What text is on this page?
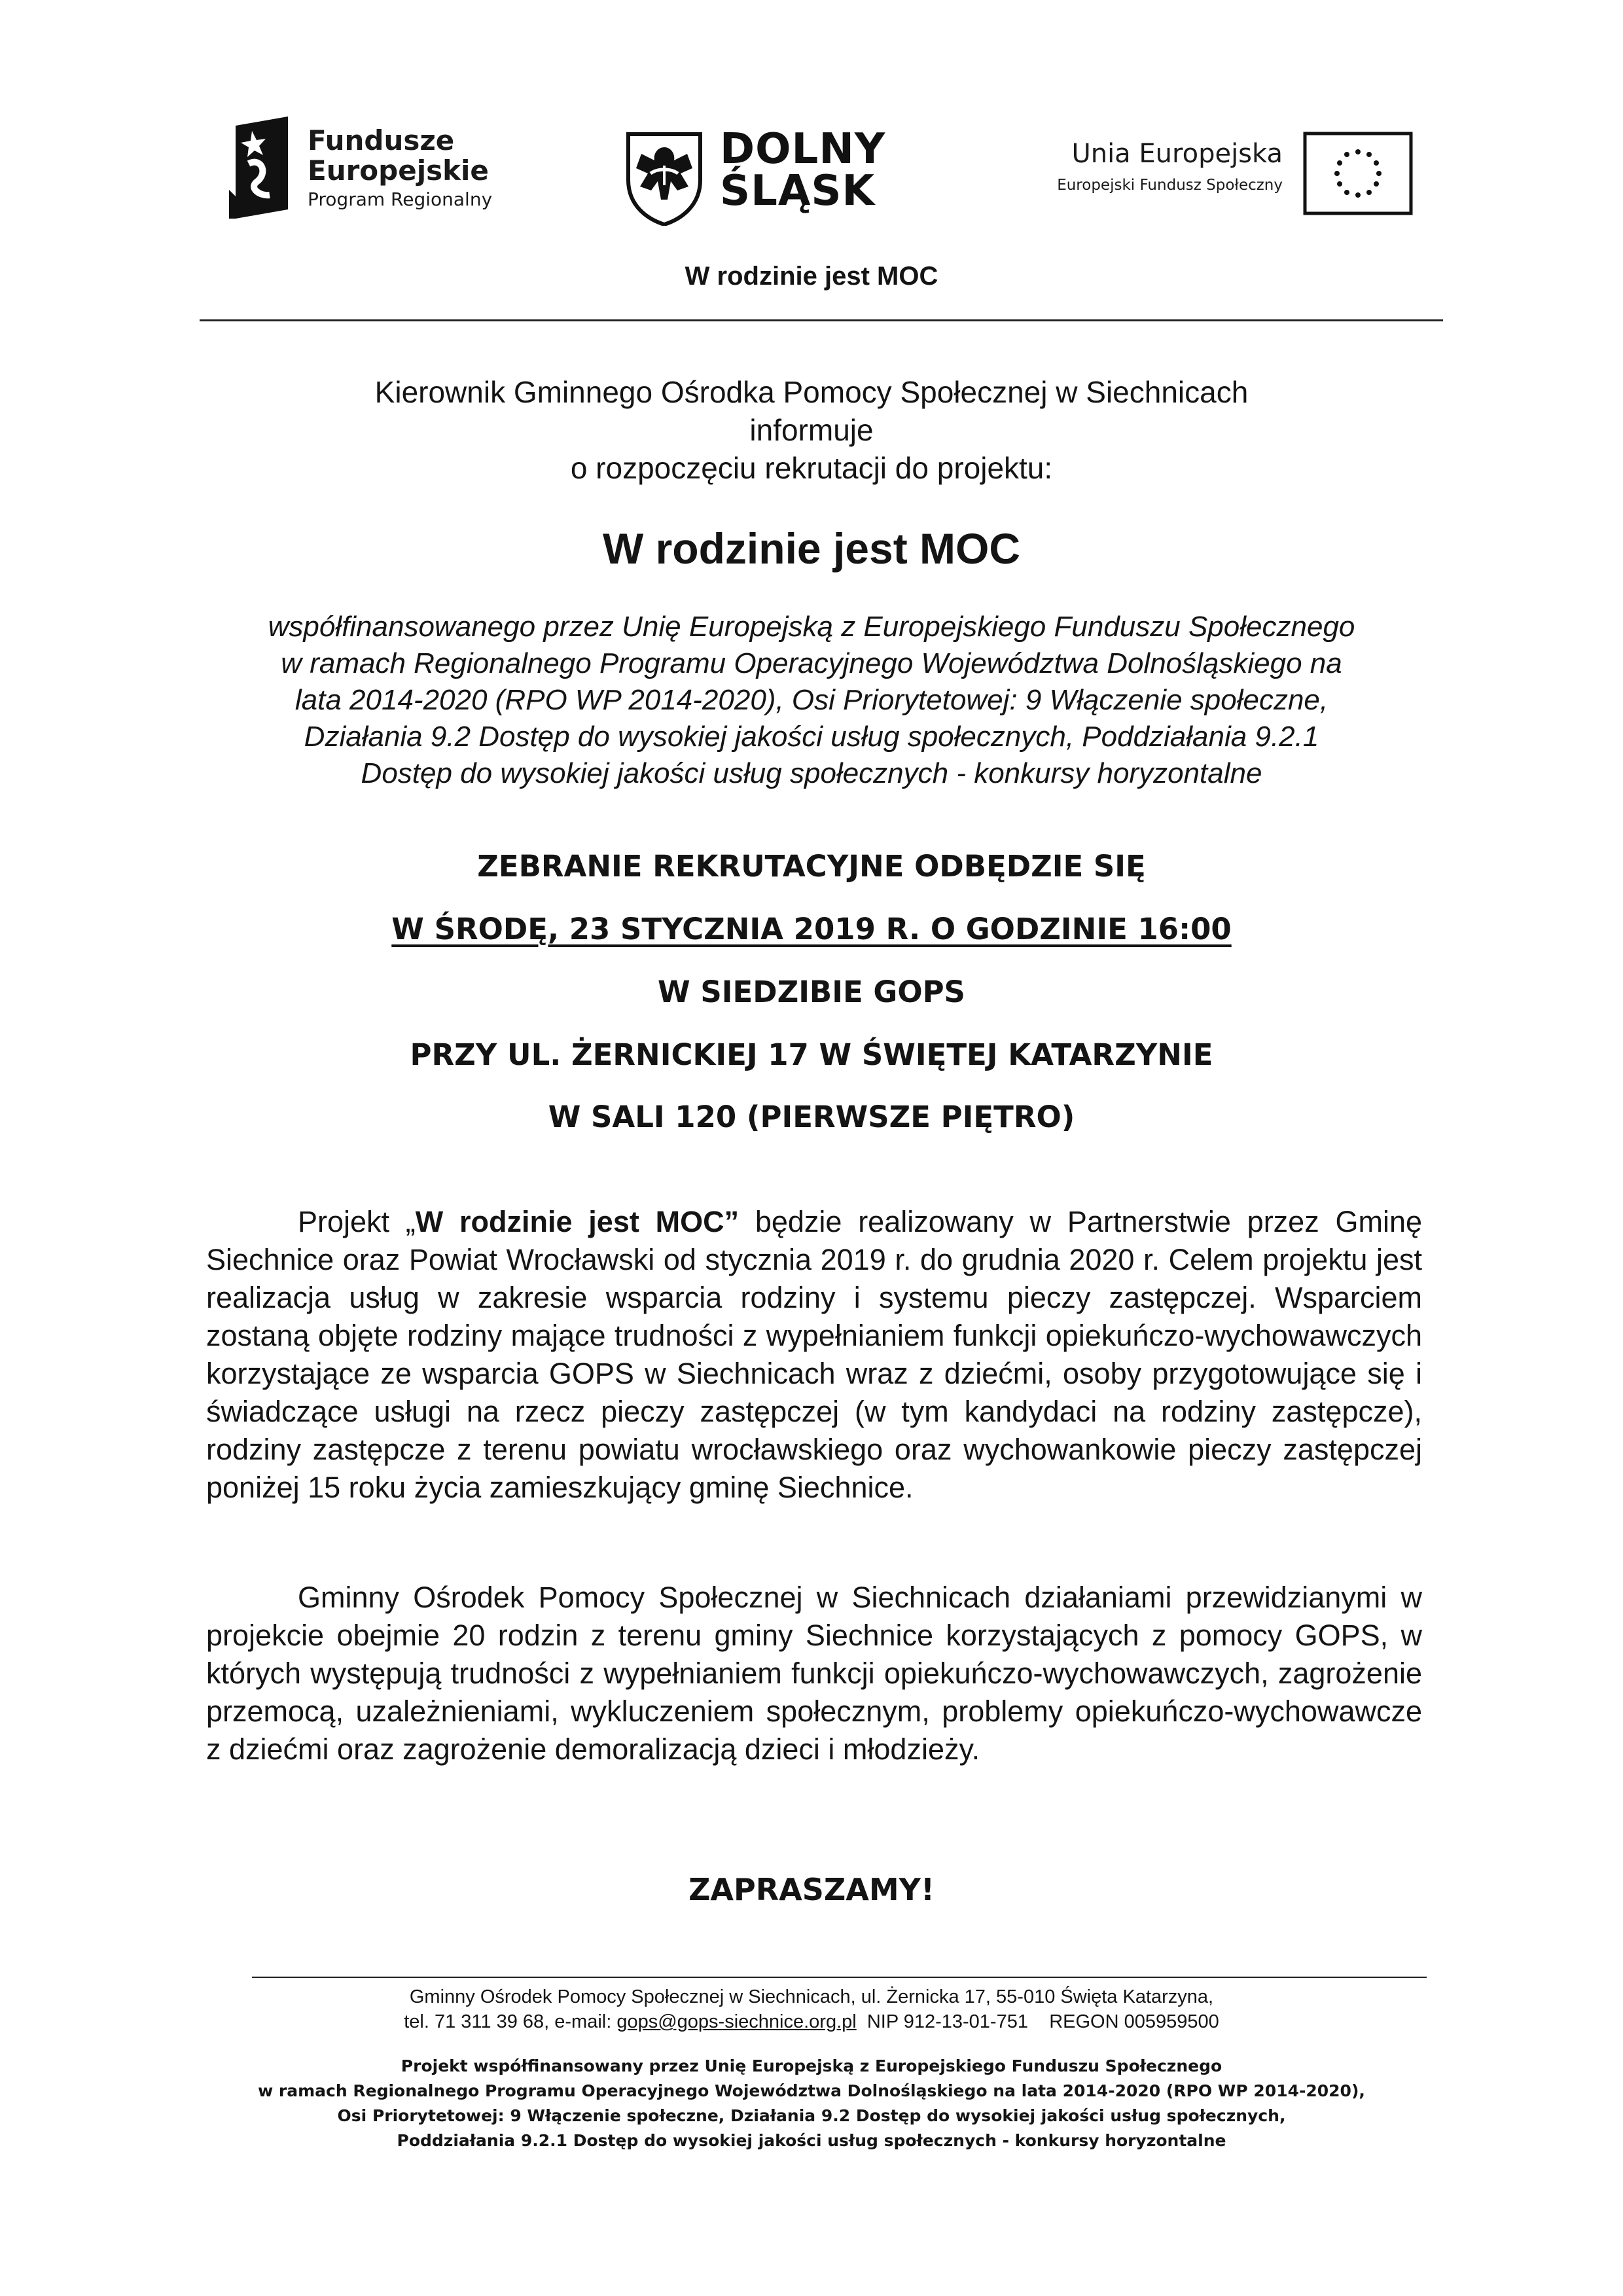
Fundusze
Europejskie
Program Regionalny
DOLNY
ŚLĄSK
Unia Europejska
Europejski Fundusz Społeczny
W rodzinie jest MOC
Kierownik Gminnego Ośrodka Pomocy Społecznej w Siechnicach
informuje
o rozpoczęciu rekrutacji do projektu:
W rodzinie jest MOC
współfinansowanego przez Unię Europejską z Europejskiego Funduszu Społecznego
w ramach Regionalnego Programu Operacyjnego Województwa Dolnośląskiego na
lata 2014-2020 (RPO WP 2014-2020), Osi Priorytetowej: 9 Włączenie społeczne,
Działania 9.2 Dostęp do wysokiej jakości usług społecznych, Poddziałania 9.2.1
Dostęp do wysokiej jakości usług społecznych - konkursy horyzontalne
ZEBRANIE REKRUTACYJNE ODBĘDZIE SIĘ
W ŚRODĘ, 23 STYCZNIA 2019 R. O GODZINIE 16:00
W SIEDZIBIE GOPS
PRZY UL. ŻERNICKIEJ 17 W ŚWIĘTEJ KATARZYNIE
W SALI 120 (PIERWSZE PIĘTRO)
Projekt „W rodzinie jest MOC” będzie realizowany w Partnerstwie przez Gminę Siechnice oraz Powiat Wrocławski od stycznia 2019 r. do grudnia 2020 r. Celem projektu jest realizacja usług w zakresie wsparcia rodziny i systemu pieczy zastępczej. Wsparciem zostaną objęte rodziny mające trudności z wypełnianiem funkcji opiekuńczo-wychowawczych korzystające ze wsparcia GOPS w Siechnicach wraz z dziećmi, osoby przygotowujące się i świadczące usługi na rzecz pieczy zastępczej (w tym kandydaci na rodziny zastępcze), rodziny zastępcze z terenu powiatu wrocławskiego oraz wychowankowie pieczy zastępczej poniżej 15 roku życia zamieszkujący gminę Siechnice.
Gminny Ośrodek Pomocy Społecznej w Siechnicach działaniami przewidzianymi w projekcie obejmie 20 rodzin z terenu gminy Siechnice korzystających z pomocy GOPS, w których występują trudności z wypełnianiem funkcji opiekuńczo-wychowawczych, zagrożenie przemocą, uzależnieniami, wykluczeniem społecznym, problemy opiekuńczo-wychowawcze z dziećmi oraz zagrożenie demoralizacją dzieci i młodzieży.
ZAPRASZAMY!
Gminny Ośrodek Pomocy Społecznej w Siechnicach, ul. Żernicka 17, 55-010 Święta Katarzyna,
tel. 71 311 39 68, e-mail: gops@gops-siechnice.org.pl  NIP 912-13-01-751    REGON 005959500
Projekt współfinansowany przez Unię Europejską z Europejskiego Funduszu Społecznego
w ramach Regionalnego Programu Operacyjnego Województwa Dolnośląskiego na lata 2014-2020 (RPO WP 2014-2020),
Osi Priorytetowej: 9 Włączenie społeczne, Działania 9.2 Dostęp do wysokiej jakości usług społecznych,
Poddziałania 9.2.1 Dostęp do wysokiej jakości usług społecznych - konkursy horyzontalne
